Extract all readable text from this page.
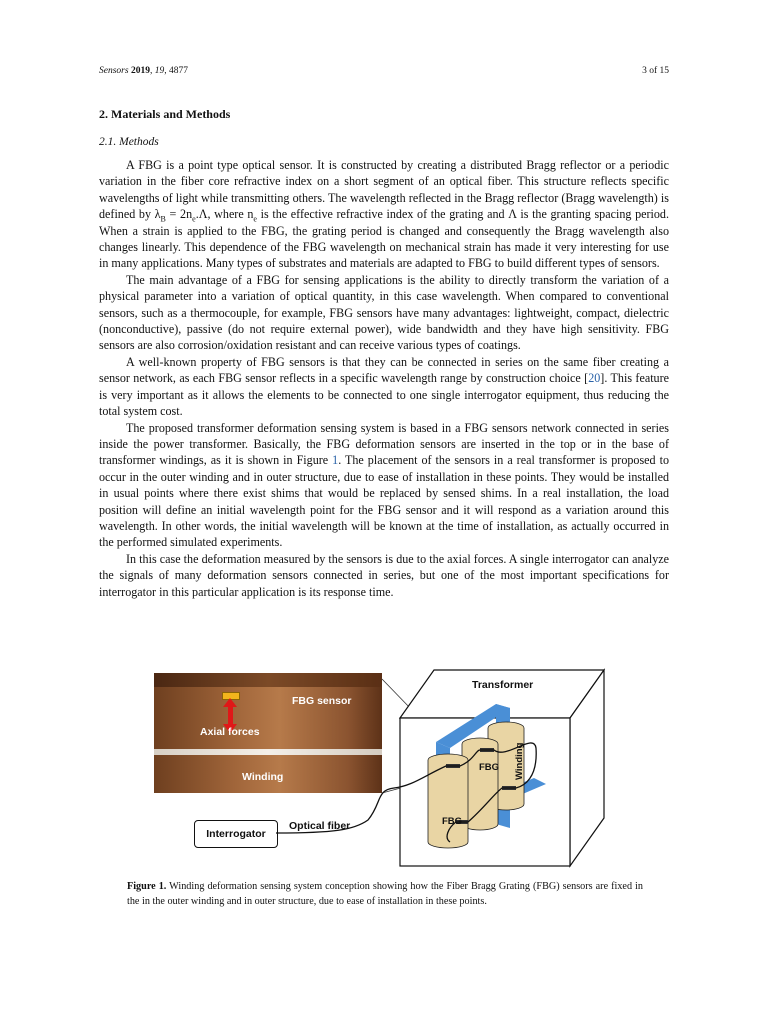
Sensors 2019, 19, 4877	3 of 15
2. Materials and Methods
2.1. Methods

A FBG is a point type optical sensor. It is constructed by creating a distributed Bragg reflector or a periodic variation in the fiber core refractive index on a short segment of an optical fiber. This structure reflects specific wavelengths of light while transmitting others. The wavelength reflected in the Bragg reflector (Bragg wavelength) is defined by $\lambda_B = 2n_e.\Lambda$, where $n_e$ is the effective refractive index of the grating and Λ is the granting spacing period. When a strain is applied to the FBG, the grating period is changed and consequently the Bragg wavelength also changes linearly. This dependence of the FBG wavelength on mechanical strain has made it very interesting for use in many applications. Many types of substrates and materials are adapted to FBG to build different types of sensors.

The main advantage of a FBG for sensing applications is the ability to directly transform the variation of a physical parameter into a variation of optical quantity, in this case wavelength. When compared to conventional sensors, such as a thermocouple, for example, FBG sensors have many advantages: lightweight, compact, dielectric (nonconductive), passive (do not require external power), wide bandwidth and they have high sensitivity. FBG sensors are also corrosion/oxidation resistant and can receive various types of coatings.

A well-known property of FBG sensors is that they can be connected in series on the same fiber creating a sensor network, as each FBG sensor reflects in a specific wavelength range by construction choice [20]. This feature is very important as it allows the elements to be connected to one single interrogator equipment, thus reducing the total system cost.

The proposed transformer deformation sensing system is based in a FBG sensors network connected in series inside the power transformer. Basically, the FBG deformation sensors are inserted in the top or in the base of transformer windings, as it is shown in Figure 1. The placement of the sensors in a real transformer is proposed to occur in the outer winding and in outer structure, due to ease of installation in these points. They would be installed in usual points where there exist shims that would be replaced by sensed shims. In a real installation, the load position will define an initial wavelength point for the FBG sensor and it will respond as a variation around this wavelength. In other words, the initial wavelength will be known at the time of installation, as actually occurred in the performed simulated experiments.

In this case the deformation measured by the sensors is due to the axial forces. A single interrogator can analyze the signals of many deformation sensors connected in series, but one of the most important specifications for interrogator in this particular application is its response time.

FBG sensor
Axial forces
Winding
Interrogator
Optical fiber
Transformer
FBG
FBG
Winding
Figure 1. Winding deformation sensing system conception showing how the Fiber Bragg Grating (FBG) sensors are fixed in the in the outer winding and in outer structure, due to ease of installation in these points.
